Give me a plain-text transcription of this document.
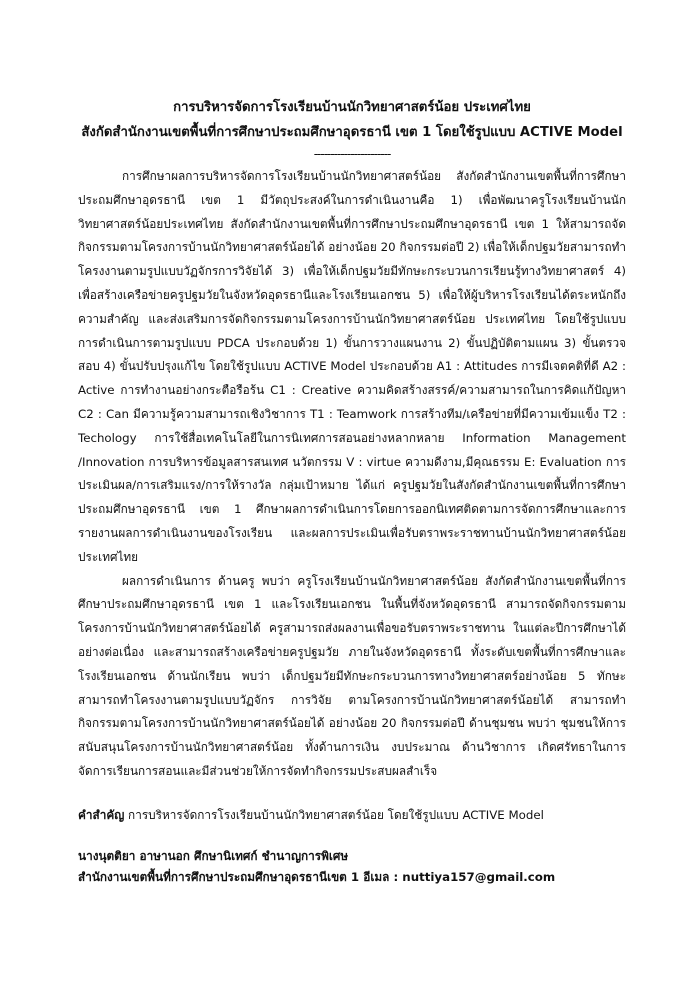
การบริหารจัดการโรงเรียนบ้านนักวิทยาศาสตร์น้อย ประเทศไทย

สังกัดสำนักงานเขตพื้นที่การศึกษาประถมศึกษาอุดรธานี เขต 1 โดยใช้รูปแบบ ACTIVE Model

-----------------------

การศึกษาผลการบริหารจัดการโรงเรียนบ้านนักวิทยาศาสตร์น้อย สังกัดสำนักงานเขตพื้นที่การศึกษาประถมศึกษาอุดรธานี เขต 1 มีวัตถุประสงค์ในการดำเนินงานคือ 1) เพื่อพัฒนาครูโรงเรียนบ้านนักวิทยาศาสตร์น้อยประเทศไทย สังกัดสำนักงานเขตพื้นที่การศึกษาประถมศึกษาอุดรธานี เขต 1 ให้สามารถจัดกิจกรรมตามโครงการบ้านนักวิทยาศาสตร์น้อยได้ อย่างน้อย 20 กิจกรรมต่อปี 2) เพื่อให้เด็กปฐมวัยสามารถทำโครงงานตามรูปแบบวัฏจักรการวิจัยได้ 3) เพื่อให้เด็กปฐมวัยมีทักษะกระบวนการเรียนรู้ทางวิทยาศาสตร์ 4) เพื่อสร้างเครือข่ายครูปฐมวัยในจังหวัดอุดรธานีและโรงเรียนเอกชน 5) เพื่อให้ผู้บริหารโรงเรียนได้ตระหนักถึงความสำคัญ และส่งเสริมการจัดกิจกรรมตามโครงการบ้านนักวิทยาศาสตร์น้อย ประเทศไทย โดยใช้รูปแบบการดำเนินการตามรูปแบบ PDCA ประกอบด้วย 1) ขั้นการวางแผนงาน 2) ขั้นปฏิบัติตามแผน 3) ขั้นตรวจสอบ 4) ขั้นปรับปรุงแก้ไข โดยใช้รูปแบบ ACTIVE Model ประกอบด้วย A1 : Attitudes การมีเจตคติที่ดี A2 : Active การทำงานอย่างกระตือรือร้น C1 : Creative ความคิดสร้างสรรค์/ความสามารถในการคิดแก้ปัญหา C2 : Can มีความรู้ความสามารถเชิงวิชาการ T1 : Teamwork การสร้างทีม/เครือข่ายที่มีความเข้มแข็ง T2 : Techology การใช้สื่อเทคโนโลยีในการนิเทศการสอนอย่างหลากหลาย Information Management /Innovation การบริหารข้อมูลสารสนเทศ นวัตกรรม V : virtue ความดีงาม,มีคุณธรรม E: Evaluation การประเมินผล/การเสริมแรง/การให้รางวัล กลุ่มเป้าหมาย ได้แก่ ครูปฐมวัยในสังกัดสำนักงานเขตพื้นที่การศึกษาประถมศึกษาอุดรธานี เขต 1 ศึกษาผลการดำเนินการโดยการออกนิเทศติดตามการจัดการศึกษาและการรายงานผลการดำเนินงานของโรงเรียน และผลการประเมินเพื่อรับตราพระราชทานบ้านนักวิทยาศาสตร์น้อยประเทศไทย

ผลการดำเนินการ ด้านครู พบว่า ครูโรงเรียนบ้านนักวิทยาศาสตร์น้อย สังกัดสำนักงานเขตพื้นที่การศึกษาประถมศึกษาอุดรธานี เขต 1 และโรงเรียนเอกชน ในพื้นที่จังหวัดอุดรธานี สามารถจัดกิจกรรมตามโครงการบ้านนักวิทยาศาสตร์น้อยได้ ครูสามารถส่งผลงานเพื่อขอรับตราพระราชทาน ในแต่ละปีการศึกษาได้อย่างต่อเนื่อง และสามารถสร้างเครือข่ายครูปฐมวัย ภายในจังหวัดอุดรธานี ทั้งระดับเขตพื้นที่การศึกษาและโรงเรียนเอกชน ด้านนักเรียน พบว่า เด็กปฐมวัยมีทักษะกระบวนการทางวิทยาศาสตร์อย่างน้อย 5 ทักษะ สามารถทำโครงงานตามรูปแบบวัฏจักร การวิจัย ตามโครงการบ้านนักวิทยาศาสตร์น้อยได้ สามารถทำกิจกรรมตามโครงการบ้านนักวิทยาศาสตร์น้อยได้ อย่างน้อย 20 กิจกรรมต่อปี ด้านชุมชน พบว่า ชุมชนให้การสนับสนุนโครงการบ้านนักวิทยาศาสตร์น้อย ทั้งด้านการเงิน งบประมาณ ด้านวิชาการ เกิดศรัทธาในการจัดการเรียนการสอนและมีส่วนช่วยให้การจัดทำกิจกรรมประสบผลสำเร็จ

คำสำคัญ การบริหารจัดการโรงเรียนบ้านนักวิทยาศาสตร์น้อย โดยใช้รูปแบบ ACTIVE Model

นางนุตติยา อาษานอก ศึกษานิเทศก์ ชำนาญการพิเศษ

สำนักงานเขตพื้นที่การศึกษาประถมศึกษาอุดรธานีเขต 1 อีเมล : nuttiya157@gmail.com
